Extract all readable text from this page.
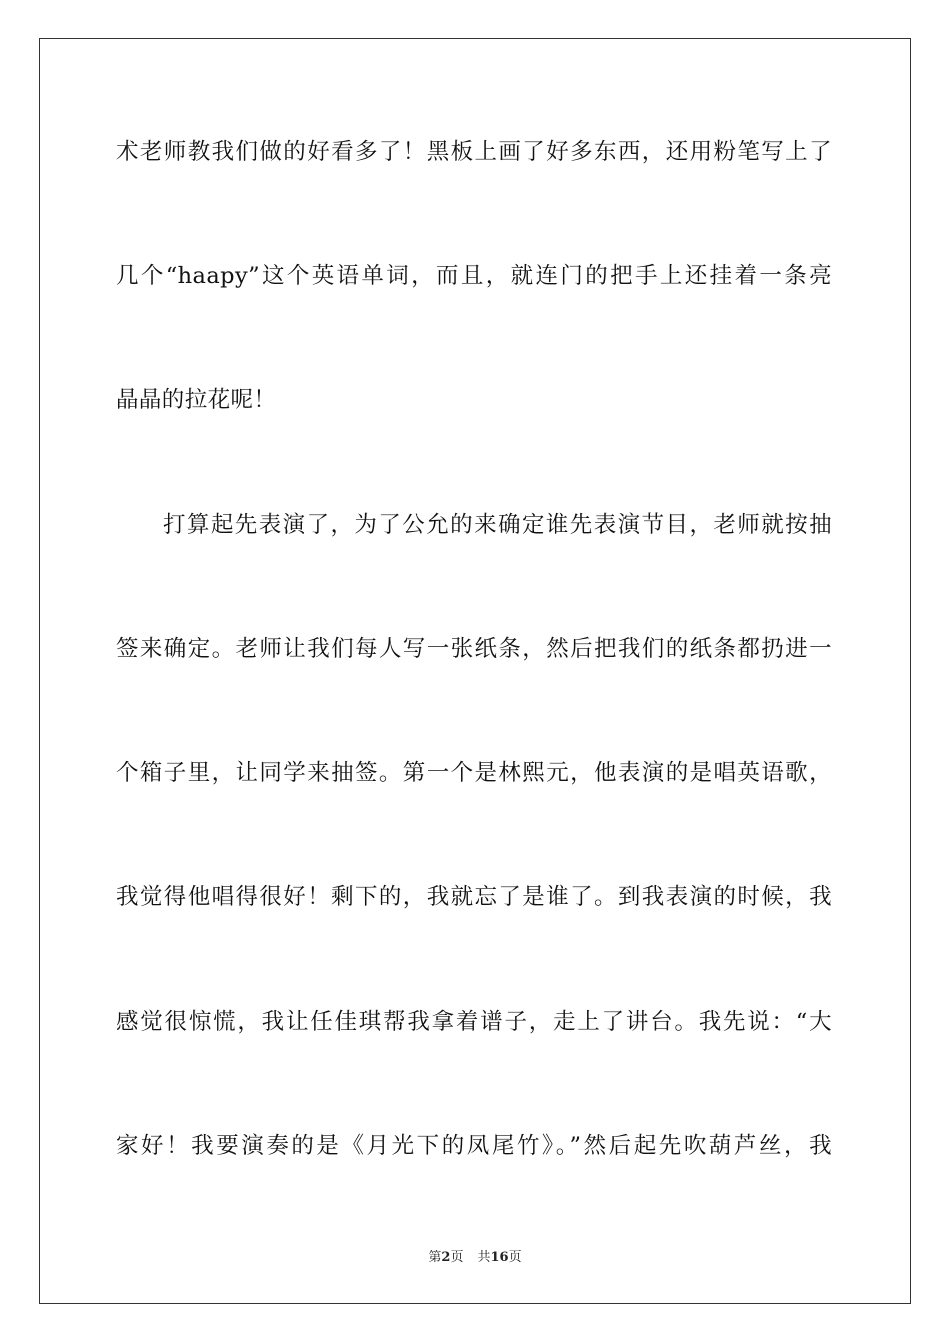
术老师教我们做的好看多了！黑板上画了好多东西，还用粉笔写上了
几个“haapy”这个英语单词，而且，就连门的把手上还挂着一条亮
晶晶的拉花呢！
打算起先表演了，为了公允的来确定谁先表演节目，老师就按抽
签来确定。老师让我们每人写一张纸条，然后把我们的纸条都扔进一
个箱子里，让同学来抽签。第一个是林熙元，他表演的是唱英语歌，
我觉得他唱得很好！剩下的，我就忘了是谁了。到我表演的时候，我
感觉很惊慌，我让任佳琪帮我拿着谱子，走上了讲台。我先说：“大
家好！我要演奏的是《月光下的凤尾竹》。”然后起先吹葫芦丝，我
第2页 共16页
